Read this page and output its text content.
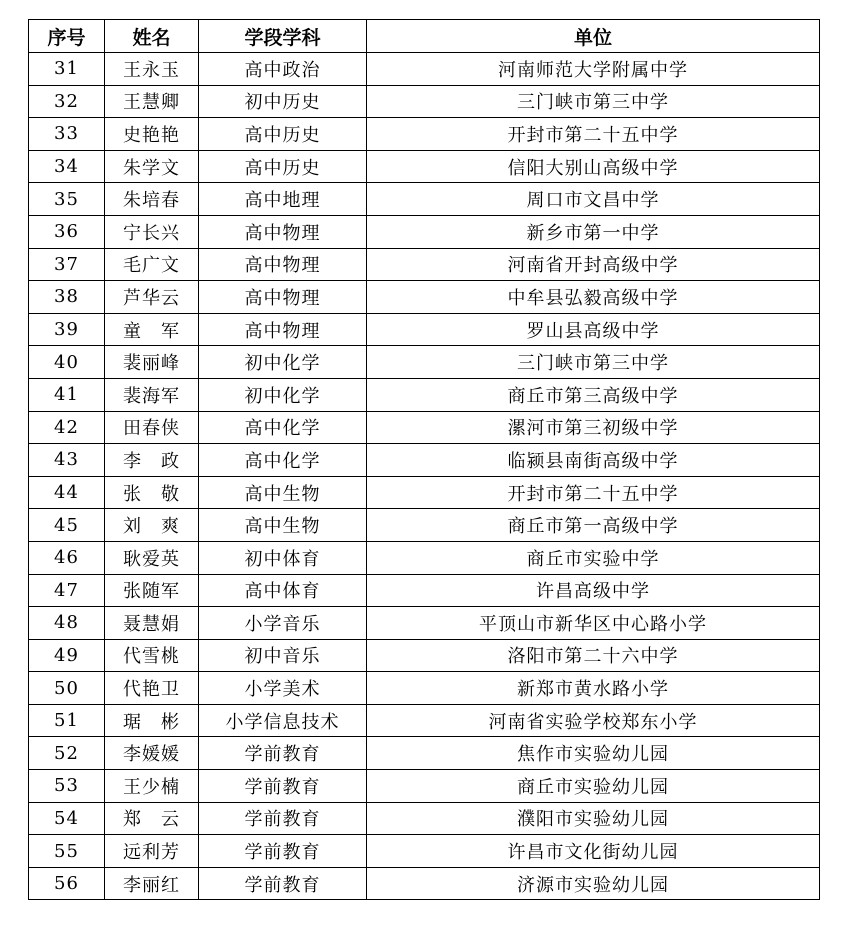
序号	姓名	学段学科	单位
31	王永玉	高中政治	河南师范大学附属中学
32	王慧卿	初中历史	三门峡市第三中学
33	史艳艳	高中历史	开封市第二十五中学
34	朱学文	高中历史	信阳大别山高级中学
35	朱培春	高中地理	周口市文昌中学
36	宁长兴	高中物理	新乡市第一中学
37	毛广文	高中物理	河南省开封高级中学
38	芦华云	高中物理	中牟县弘毅高级中学
39	童　军	高中物理	罗山县高级中学
40	裴丽峰	初中化学	三门峡市第三中学
41	裴海军	初中化学	商丘市第三高级中学
42	田春侠	高中化学	漯河市第三初级中学
43	李　政	高中化学	临颍县南街高级中学
44	张　敬	高中生物	开封市第二十五中学
45	刘　爽	高中生物	商丘市第一高级中学
46	耿爱英	初中体育	商丘市实验中学
47	张随军	高中体育	许昌高级中学
48	聂慧娟	小学音乐	平顶山市新华区中心路小学
49	代雪桃	初中音乐	洛阳市第二十六中学
50	代艳卫	小学美术	新郑市黄水路小学
51	琚　彬	小学信息技术	河南省实验学校郑东小学
52	李媛媛	学前教育	焦作市实验幼儿园
53	王少楠	学前教育	商丘市实验幼儿园
54	郑　云	学前教育	濮阳市实验幼儿园
55	远利芳	学前教育	许昌市文化街幼儿园
56	李丽红	学前教育	济源市实验幼儿园
